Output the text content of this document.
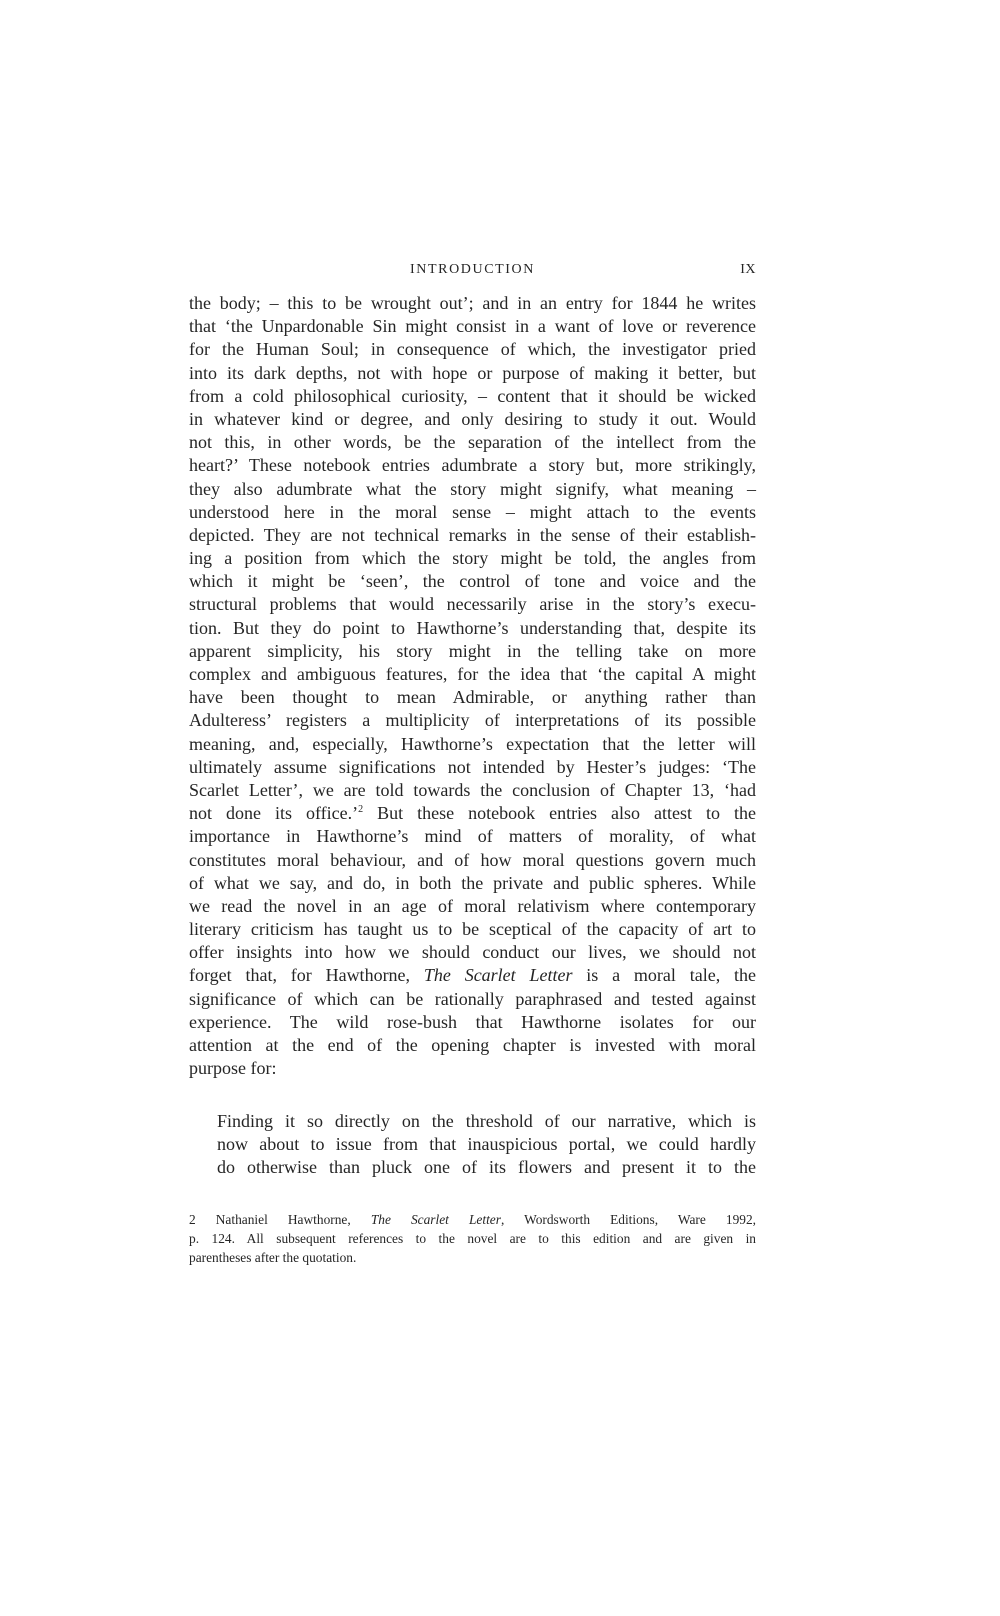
INTRODUCTION	IX
the body; – this to be wrought out’; and in an entry for 1844 he writes
that ‘the Unpardonable Sin might consist in a want of love or reverence
for the Human Soul; in consequence of which, the investigator pried
into its dark depths, not with hope or purpose of making it better, but
from a cold philosophical curiosity, – content that it should be wicked
in whatever kind or degree, and only desiring to study it out. Would
not this, in other words, be the separation of the intellect from the
heart?’ These notebook entries adumbrate a story but, more strikingly,
they also adumbrate what the story might signify, what meaning –
understood here in the moral sense – might attach to the events
depicted. They are not technical remarks in the sense of their establish-
ing a position from which the story might be told, the angles from
which it might be ‘seen’, the control of tone and voice and the
structural problems that would necessarily arise in the story’s execu-
tion. But they do point to Hawthorne’s understanding that, despite its
apparent simplicity, his story might in the telling take on more
complex and ambiguous features, for the idea that ‘the capital A might
have been thought to mean Admirable, or anything rather than
Adulteress’ registers a multiplicity of interpretations of its possible
meaning, and, especially, Hawthorne’s expectation that the letter will
ultimately assume significations not intended by Hester’s judges: ‘The
Scarlet Letter’, we are told towards the conclusion of Chapter 13, ‘had
not done its office.’$^2$ But these notebook entries also attest to the
importance in Hawthorne’s mind of matters of morality, of what
constitutes moral behaviour, and of how moral questions govern much
of what we say, and do, in both the private and public spheres. While
we read the novel in an age of moral relativism where contemporary
literary criticism has taught us to be sceptical of the capacity of art to
offer insights into how we should conduct our lives, we should not
forget that, for Hawthorne, The Scarlet Letter is a moral tale, the
significance of which can be rationally paraphrased and tested against
experience. The wild rose-bush that Hawthorne isolates for our
attention at the end of the opening chapter is invested with moral
purpose for:
Finding it so directly on the threshold of our narrative, which is
now about to issue from that inauspicious portal, we could hardly
do otherwise than pluck one of its flowers and present it to the
2 Nathaniel Hawthorne, The Scarlet Letter, Wordsworth Editions, Ware 1992,
p. 124. All subsequent references to the novel are to this edition and are given in
parentheses after the quotation.
